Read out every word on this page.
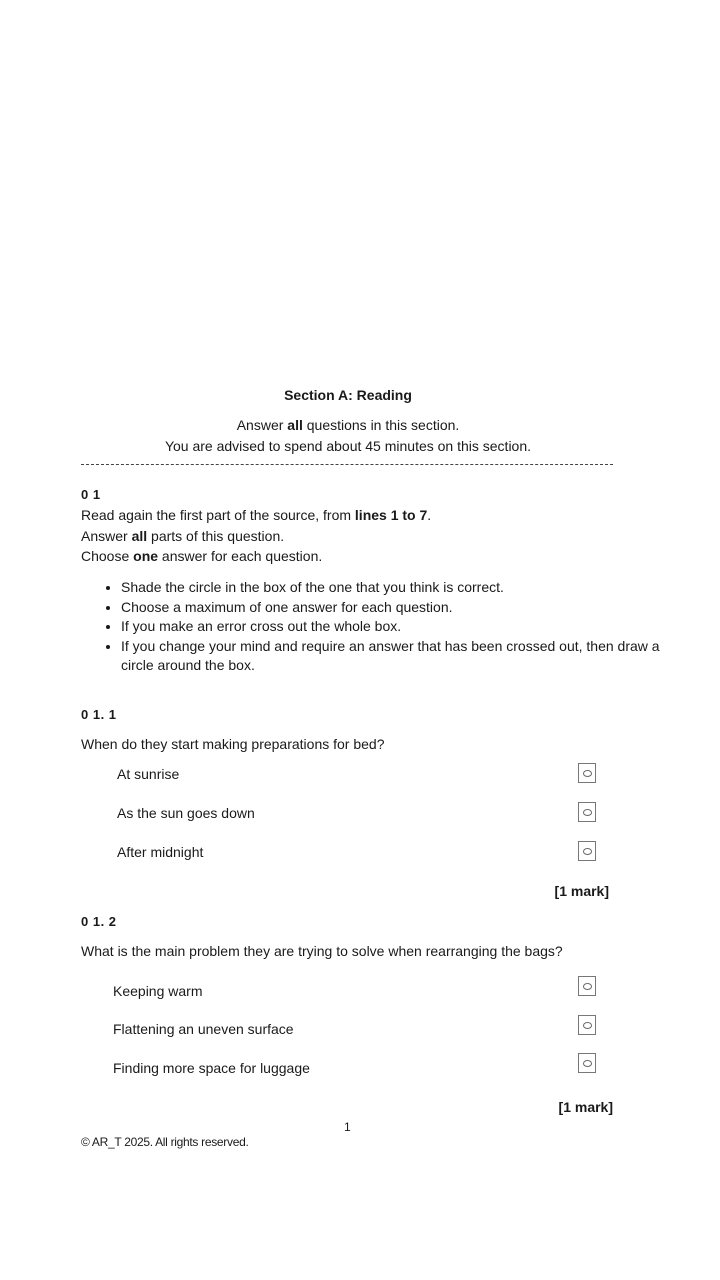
Section A: Reading
Answer all questions in this section.
You are advised to spend about 45 minutes on this section.
0 1
Read again the first part of the source, from lines 1 to 7.
Answer all parts of this question.
Choose one answer for each question.
• Shade the circle in the box of the one that you think is correct.
• Choose a maximum of one answer for each question.
• If you make an error cross out the whole box.
• If you change your mind and require an answer that has been crossed out, then draw a circle around the box.
0 1. 1
When do they start making preparations for bed?
At sunrise
As the sun goes down
After midnight
[1 mark]
0 1. 2
What is the main problem they are trying to solve when rearranging the bags?
Keeping warm
Flattening an uneven surface
Finding more space for luggage
[1 mark]
1
© AR_T 2025. All rights reserved.
